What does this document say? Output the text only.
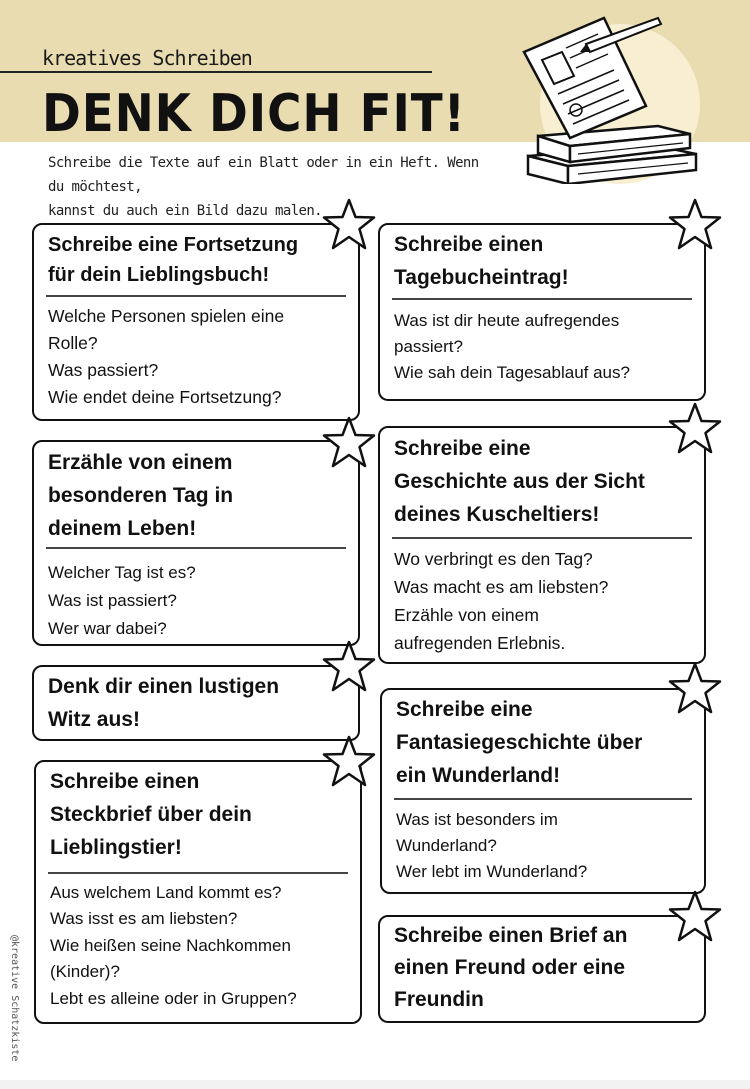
kreatives Schreiben
DENK DICH FIT!
Schreibe die Texte auf ein Blatt oder in ein Heft. Wenn du möchtest,
kannst du auch ein Bild dazu malen.
Schreibe eine Fortsetzung
für dein Lieblingsbuch!
Welche Personen spielen eine
Rolle?
Was passiert?
Wie endet deine Fortsetzung?
Schreibe einen
Tagebucheintrag!
Was ist dir heute aufregendes
passiert?
Wie sah dein Tagesablauf aus?
Erzähle von einem
besonderen Tag in
deinem Leben!
Welcher Tag ist es?
Was ist passiert?
Wer war dabei?
Schreibe eine
Geschichte aus der Sicht
deines Kuscheltiers!
Wo verbringt es den Tag?
Was macht es am liebsten?
Erzähle von einem
aufregenden Erlebnis.
Denk dir einen lustigen
Witz aus!	Schreibe eine
Fantasiegeschichte über
ein Wunderland!
Was ist besonders im
Wunderland?
Wer lebt im Wunderland?
Schreibe einen
Steckbrief über dein
Lieblingstier!
Aus welchem Land kommt es?
Was isst es am liebsten?
Wie heißen seine Nachkommen
(Kinder)?
Lebt es alleine oder in Gruppen?
Schreibe einen Brief an
einen Freund oder eine
Freundin
@kreative Schatzkiste
